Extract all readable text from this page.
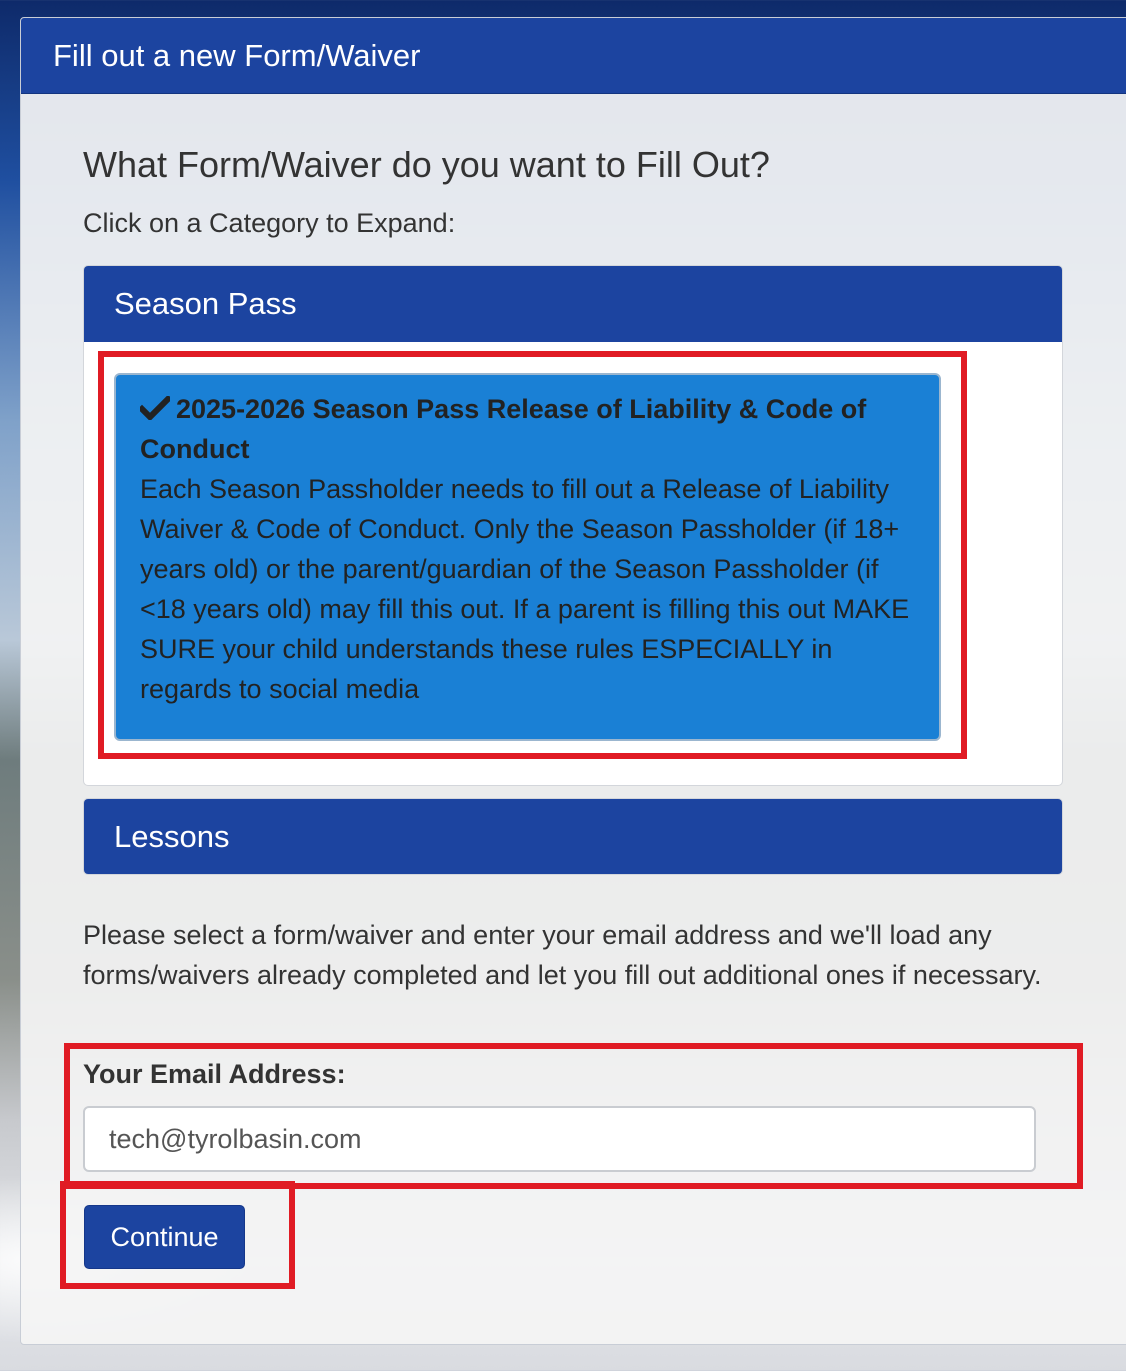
Fill out a new Form/Waiver
What Form/Waiver do you want to Fill Out?
Click on a Category to Expand:
Season Pass
2025-2026 Season Pass Release of Liability & Code of Conduct
Each Season Passholder needs to fill out a Release of Liability Waiver & Code of Conduct. Only the Season Passholder (if 18+ years old) or the parent/guardian of the Season Passholder (if <18 years old) may fill this out. If a parent is filling this out MAKE SURE your child understands these rules ESPECIALLY in regards to social media
Lessons
Please select a form/waiver and enter your email address and we'll load any forms/waivers already completed and let you fill out additional ones if necessary.
Your Email Address:
tech@tyrolbasin.com
Continue
